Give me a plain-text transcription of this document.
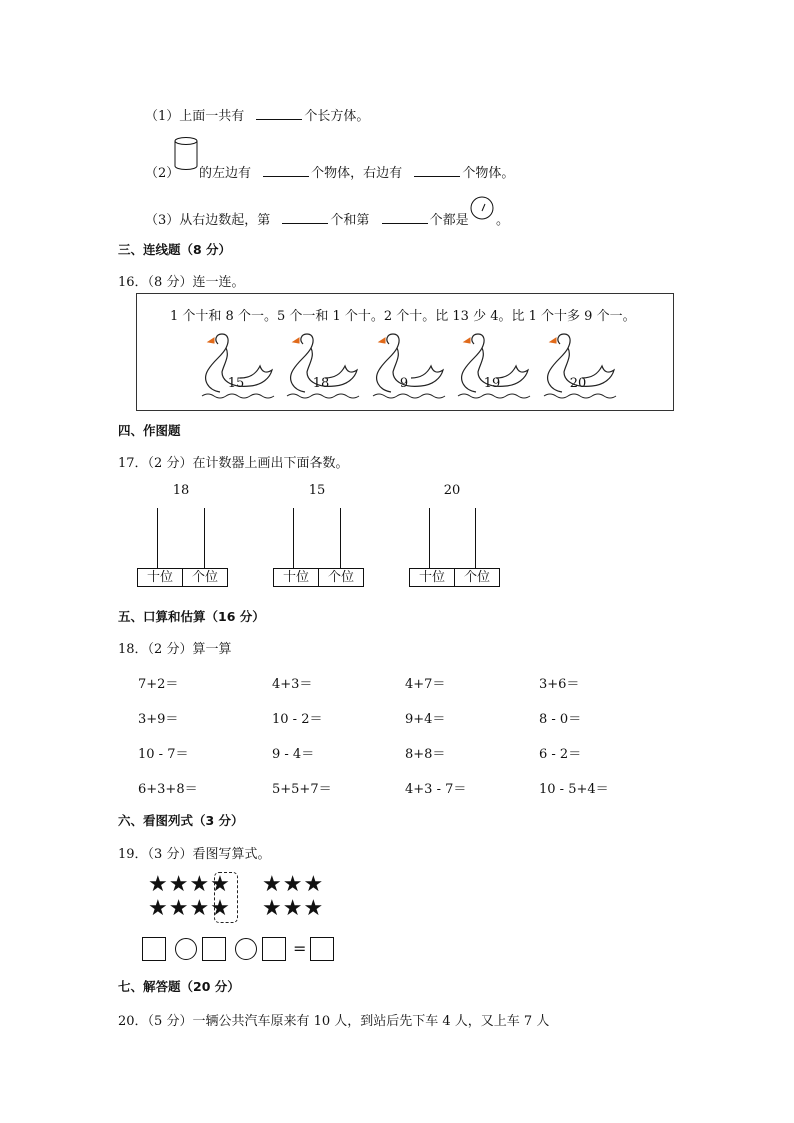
（1）上面一共有	个长方体。
（2） 的左边有	个物体，右边有	个物体。
（3）从右边数起，第	个和第	个都是 。
三、连线题（8 分）
16．（8 分）连一连。
1 个十和 8 个一。5 个一和 1 个十。2 个十。比 13 少 4。比 1 个十多 9 个一。
15	18	9	19	20
四、作图题
17．（2 分）在计数器上画出下面各数。
18
十位	个位
15
十位	个位
20
十位	个位
五、口算和估算（16 分）
18．（2 分）算一算
7+2＝	4+3＝	4+7＝	3+6＝
3+9＝	10 - 2＝	9+4＝	8 - 0＝
10 - 7＝	9 - 4＝	8+8＝	6 - 2＝
6+3+8＝	5+5+7＝	4+3 - 7＝	10 - 5+4＝
六、看图列式（3 分）
19．（3 分）看图写算式。
★★★★
★★★★
★★★
★★★
=
七、解答题（20 分）
20．（5 分）一辆公共汽车原来有 10 人，到站后先下车 4 人，又上车 7 人
